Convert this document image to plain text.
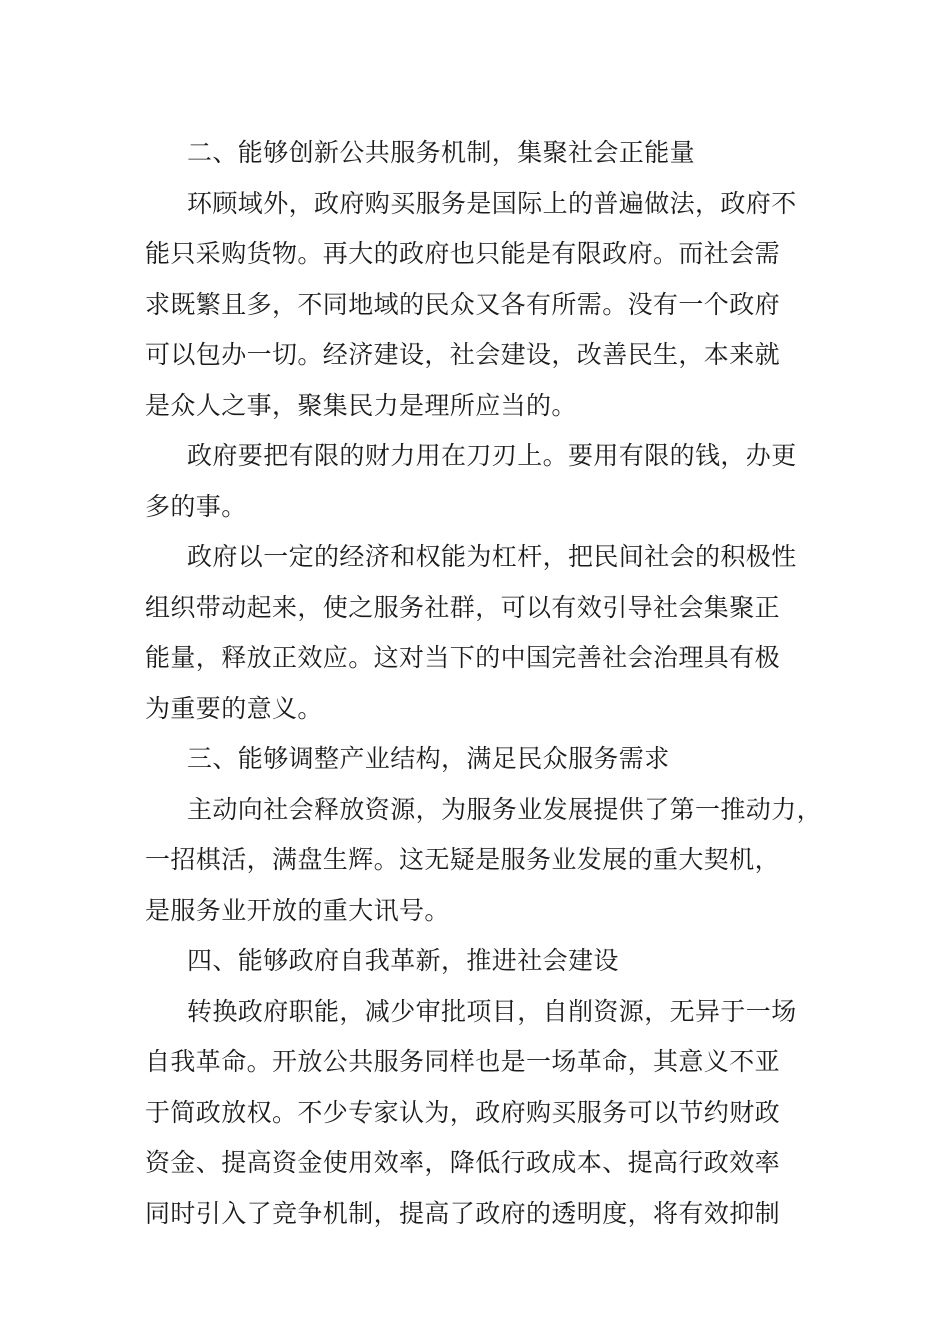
二、能够创新公共服务机制，集聚社会正能量
环顾域外，政府购买服务是国际上的普遍做法，政府不
能只采购货物。再大的政府也只能是有限政府。而社会需
求既繁且多，不同地域的民众又各有所需。没有一个政府
可以包办一切。经济建设，社会建设，改善民生，本来就
是众人之事，聚集民力是理所应当的。
政府要把有限的财力用在刀刃上。要用有限的钱，办更
多的事。
政府以一定的经济和权能为杠杆，把民间社会的积极性
组织带动起来，使之服务社群，可以有效引导社会集聚正
能量，释放正效应。这对当下的中国完善社会治理具有极
为重要的意义。
三、能够调整产业结构，满足民众服务需求
主动向社会释放资源，为服务业发展提供了第一推动力，
一招棋活，满盘生辉。这无疑是服务业发展的重大契机，
是服务业开放的重大讯号。
四、能够政府自我革新，推进社会建设
转换政府职能，减少审批项目，自削资源，无异于一场
自我革命。开放公共服务同样也是一场革命，其意义不亚
于简政放权。不少专家认为，政府购买服务可以节约财政
资金、提高资金使用效率，降低行政成本、提高行政效率
同时引入了竞争机制，提高了政府的透明度，将有效抑制
